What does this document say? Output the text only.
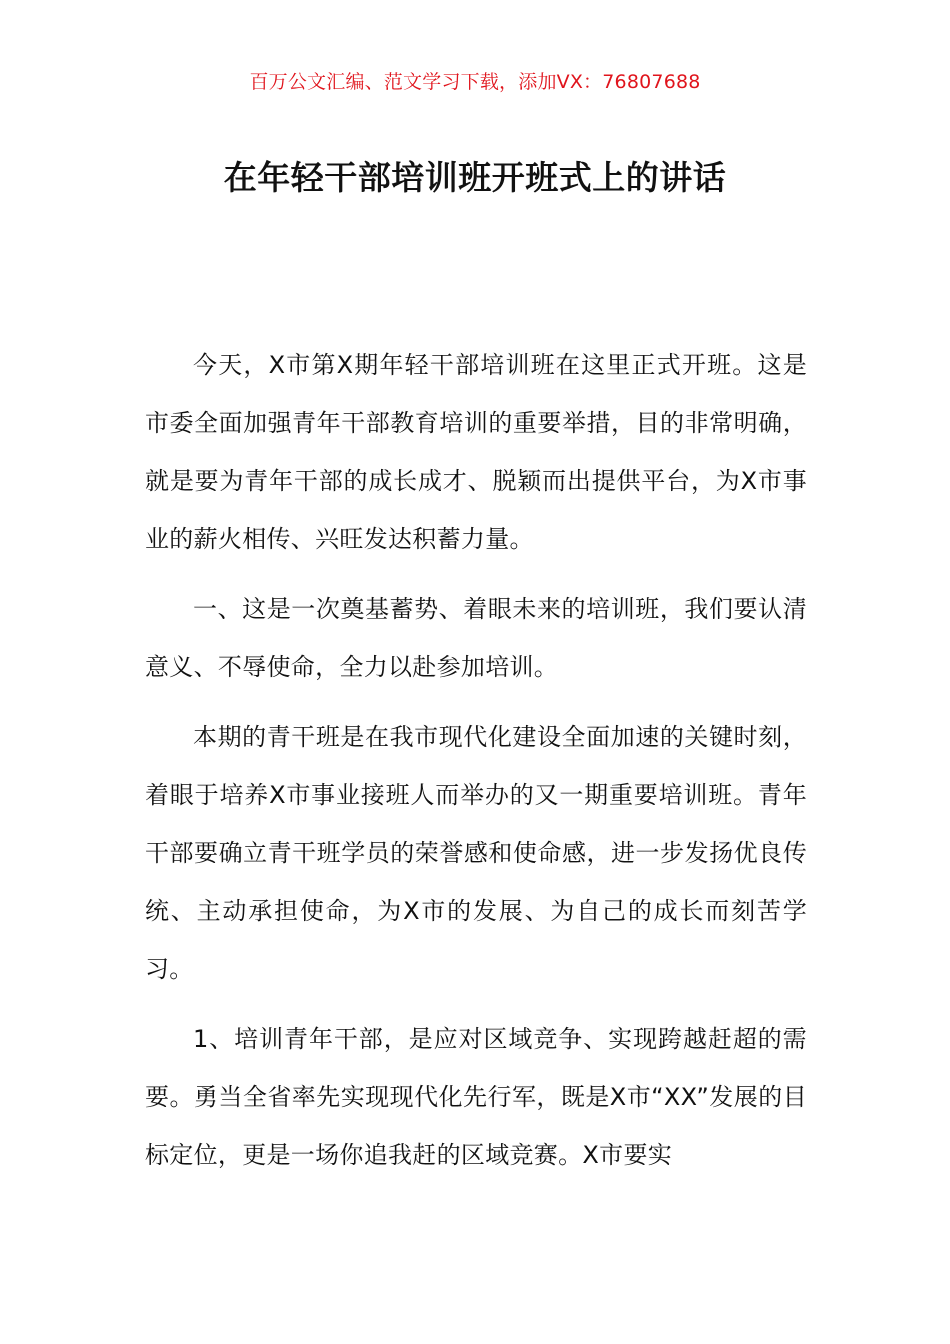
百万公文汇编、范文学习下载，添加VX：76807688
在年轻干部培训班开班式上的讲话

今天，X市第X期年轻干部培训班在这里正式开班。这是市委全面加强青年干部教育培训的重要举措，目的非常明确，就是要为青年干部的成长成才、脱颖而出提供平台，为X市事业的薪火相传、兴旺发达积蓄力量。

一、这是一次奠基蓄势、着眼未来的培训班，我们要认清意义、不辱使命，全力以赴参加培训。

本期的青干班是在我市现代化建设全面加速的关键时刻，着眼于培养X市事业接班人而举办的又一期重要培训班。青年干部要确立青干班学员的荣誉感和使命感，进一步发扬优良传统、主动承担使命，为X市的发展、为自己的成长而刻苦学习。

1、培训青年干部，是应对区域竞争、实现跨越赶超的需要。勇当全省率先实现现代化先行军，既是X市“XX”发展的目标定位，更是一场你追我赶的区域竞赛。X市要实
